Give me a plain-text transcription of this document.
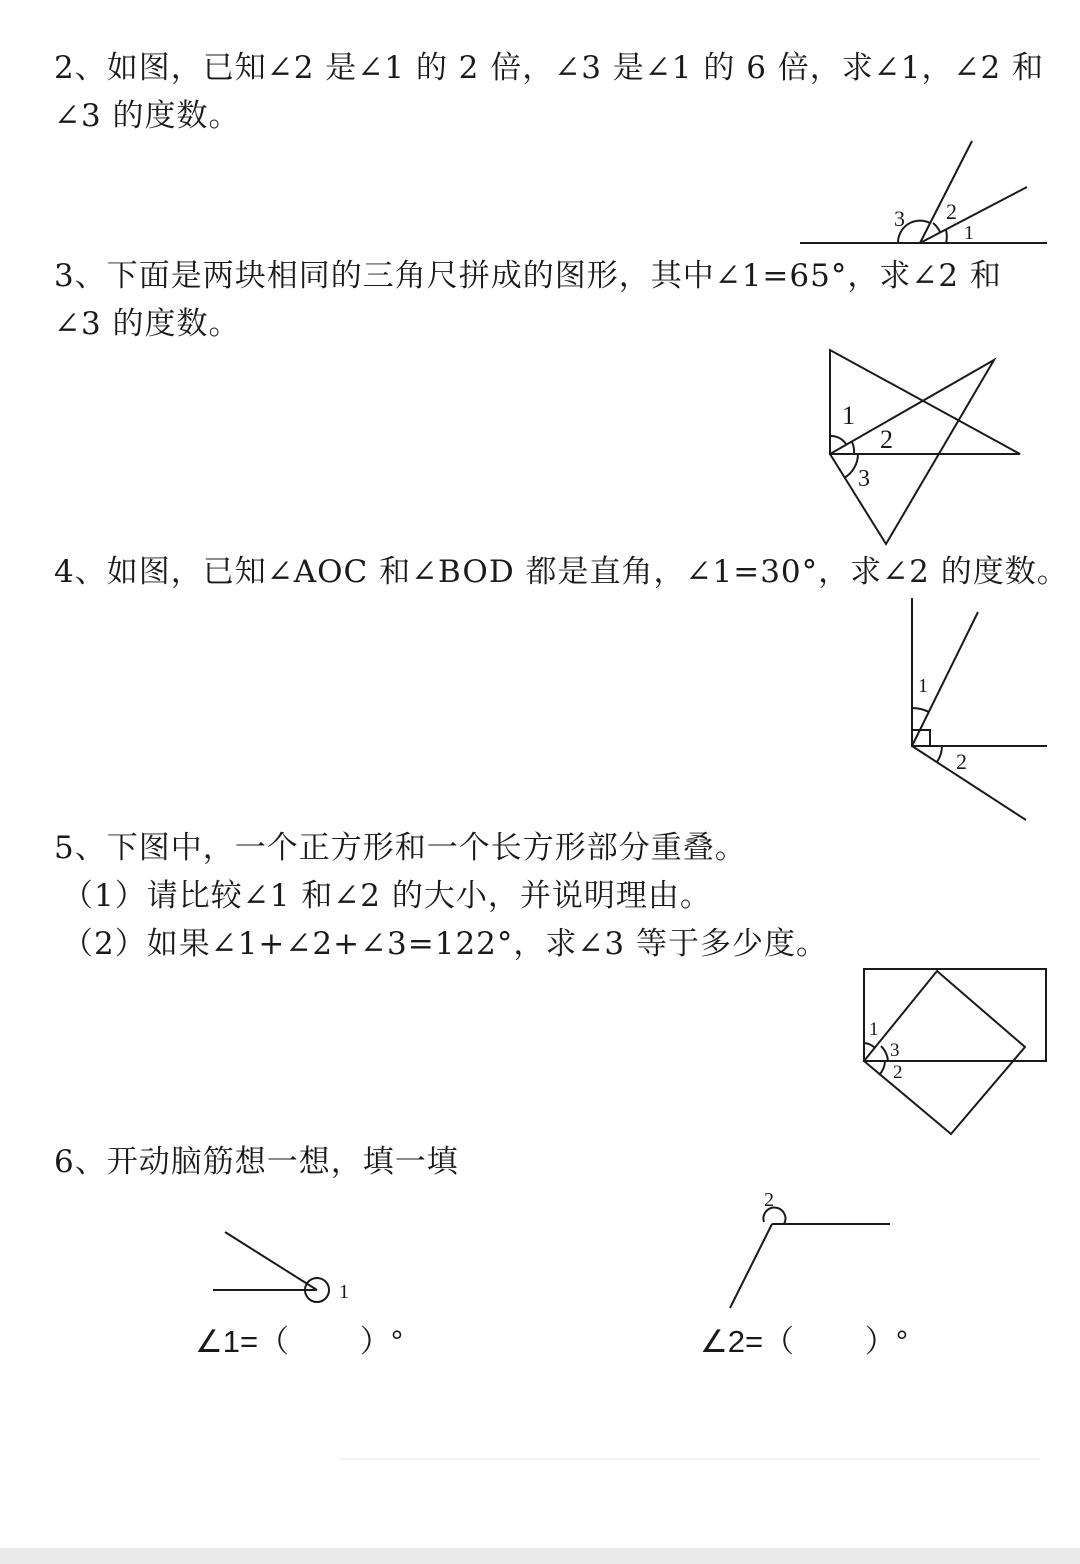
2、如图，已知∠2 是∠1 的 2 倍，∠3 是∠1 的 6 倍，求∠1，∠2 和

∠3 的度数。

3 2
1

3、下面是两块相同的三角尺拼成的图形，其中∠1=65°，求∠2 和

∠3 的度数。

1
2
3

4、如图，已知∠AOC 和∠BOD 都是直角，∠1=30°，求∠2 的度数。

1
2

5、下图中，一个正方形和一个长方形部分重叠。

（1）请比较∠1 和∠2 的大小，并说明理由。

（2）如果∠1+∠2+∠3=122°，求∠3 等于多少度。

1
3
2

6、开动脑筋想一想，填一填

1
∠1=（　　 ）°
2
∠2=（　　 ）°
